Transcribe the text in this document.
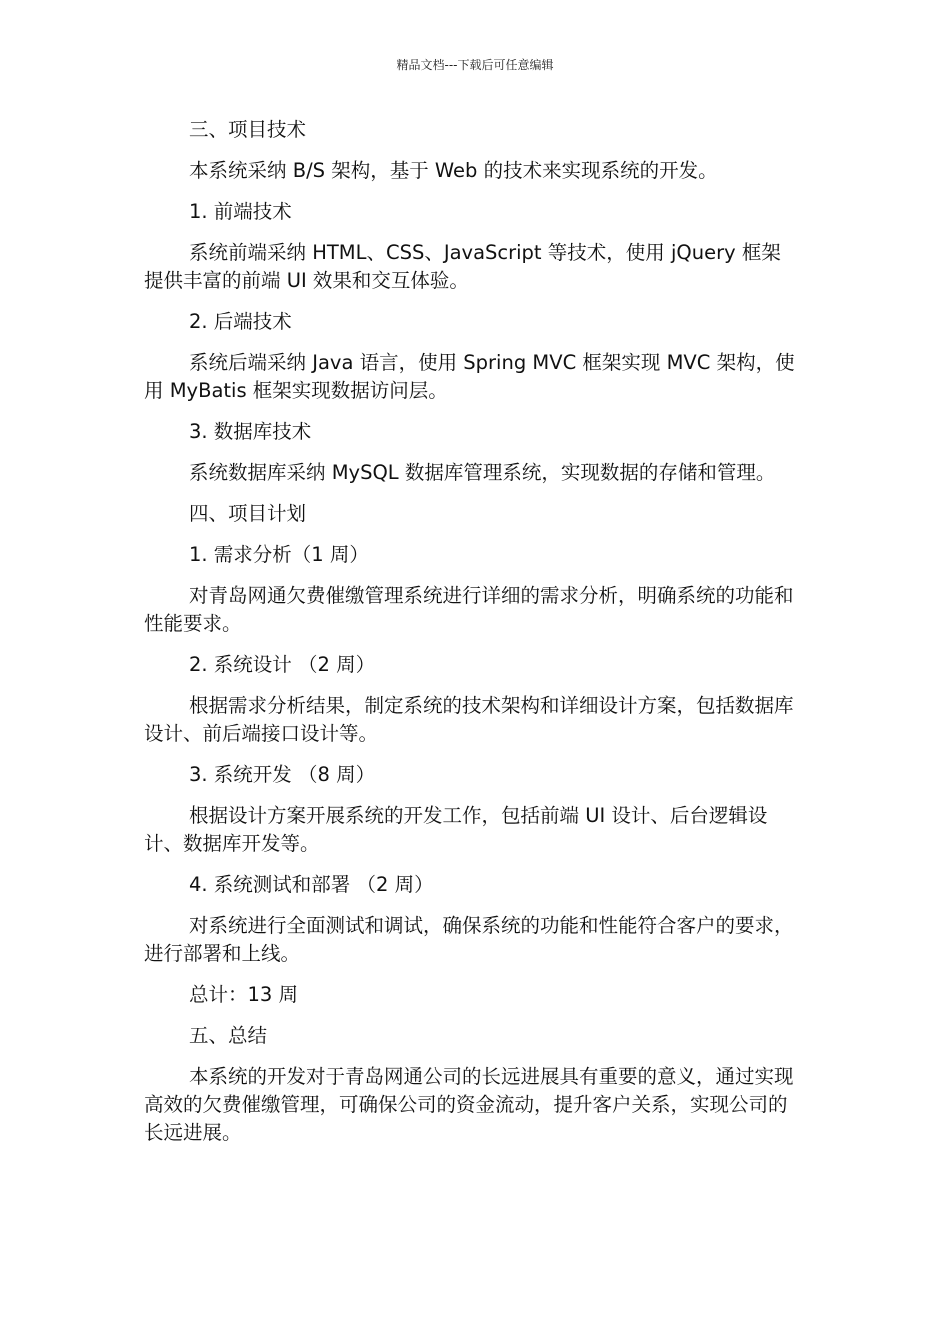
精品文档---下载后可任意编辑

三、项目技术

本系统采纳 B/S 架构，基于 Web 的技术来实现系统的开发。

1. 前端技术

系统前端采纳 HTML、CSS、JavaScript 等技术，使用 jQuery 框架提供丰富的前端 UI 效果和交互体验。

2. 后端技术

系统后端采纳 Java 语言，使用 Spring MVC 框架实现 MVC 架构，使用 MyBatis 框架实现数据访问层。

3. 数据库技术

系统数据库采纳 MySQL 数据库管理系统，实现数据的存储和管理。

四、项目计划

1. 需求分析（1 周）

对青岛网通欠费催缴管理系统进行详细的需求分析，明确系统的功能和性能要求。

2. 系统设计 （2 周）

根据需求分析结果，制定系统的技术架构和详细设计方案，包括数据库设计、前后端接口设计等。

3. 系统开发 （8 周）

根据设计方案开展系统的开发工作，包括前端 UI 设计、后台逻辑设计、数据库开发等。

4. 系统测试和部署 （2 周）

对系统进行全面测试和调试，确保系统的功能和性能符合客户的要求，进行部署和上线。

总计：13 周

五、总结

本系统的开发对于青岛网通公司的长远进展具有重要的意义，通过实现高效的欠费催缴管理，可确保公司的资金流动，提升客户关系，实现公司的长远进展。
